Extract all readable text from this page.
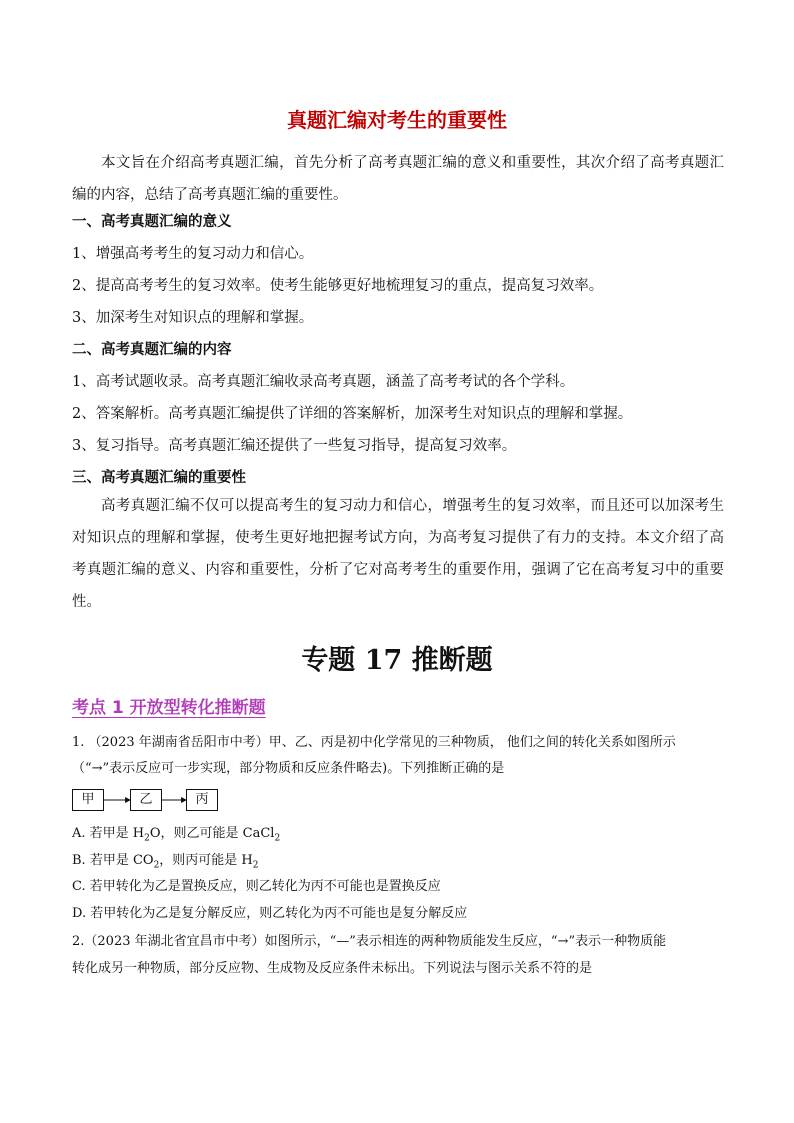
真题汇编对考生的重要性
本文旨在介绍高考真题汇编，首先分析了高考真题汇编的意义和重要性，其次介绍了高考真题汇编的内容，总结了高考真题汇编的重要性。
一、高考真题汇编的意义
1、增强高考考生的复习动力和信心。
2、提高高考考生的复习效率。使考生能够更好地梳理复习的重点，提高复习效率。
3、加深考生对知识点的理解和掌握。
二、高考真题汇编的内容
1、高考试题收录。高考真题汇编收录高考真题，涵盖了高考考试的各个学科。
2、答案解析。高考真题汇编提供了详细的答案解析，加深考生对知识点的理解和掌握。
3、复习指导。高考真题汇编还提供了一些复习指导，提高复习效率。
三、高考真题汇编的重要性
高考真题汇编不仅可以提高考生的复习动力和信心，增强考生的复习效率，而且还可以加深考生对知识点的理解和掌握，使考生更好地把握考试方向，为高考复习提供了有力的支持。本文介绍了高考真题汇编的意义、内容和重要性，分析了它对高考考生的重要作用，强调了它在高考复习中的重要性。
专题 17 推断题
考点 1 开放型转化推断题
1. （2023 年湖南省岳阳市中考）甲、乙、丙是初中化学常见的三种物质， 他们之间的转化关系如图所示
（“→”表示反应可一步实现，部分物质和反应条件略去)。下列推断正确的是
甲	乙	丙
A. 若甲是 $H_2O$，则乙可能是 CaCl$_2$
B. 若甲是 $CO_2$，则丙可能是 $H_2$
C. 若甲转化为乙是置换反应，则乙转化为丙不可能也是置换反应
D. 若甲转化为乙是复分解反应，则乙转化为丙不可能也是复分解反应
2.（2023 年湖北省宜昌市中考）如图所示，“—”表示相连的两种物质能发生反应，“→”表示一种物质能
转化成另一种物质，部分反应物、生成物及反应条件未标出。下列说法与图示关系不符的是
